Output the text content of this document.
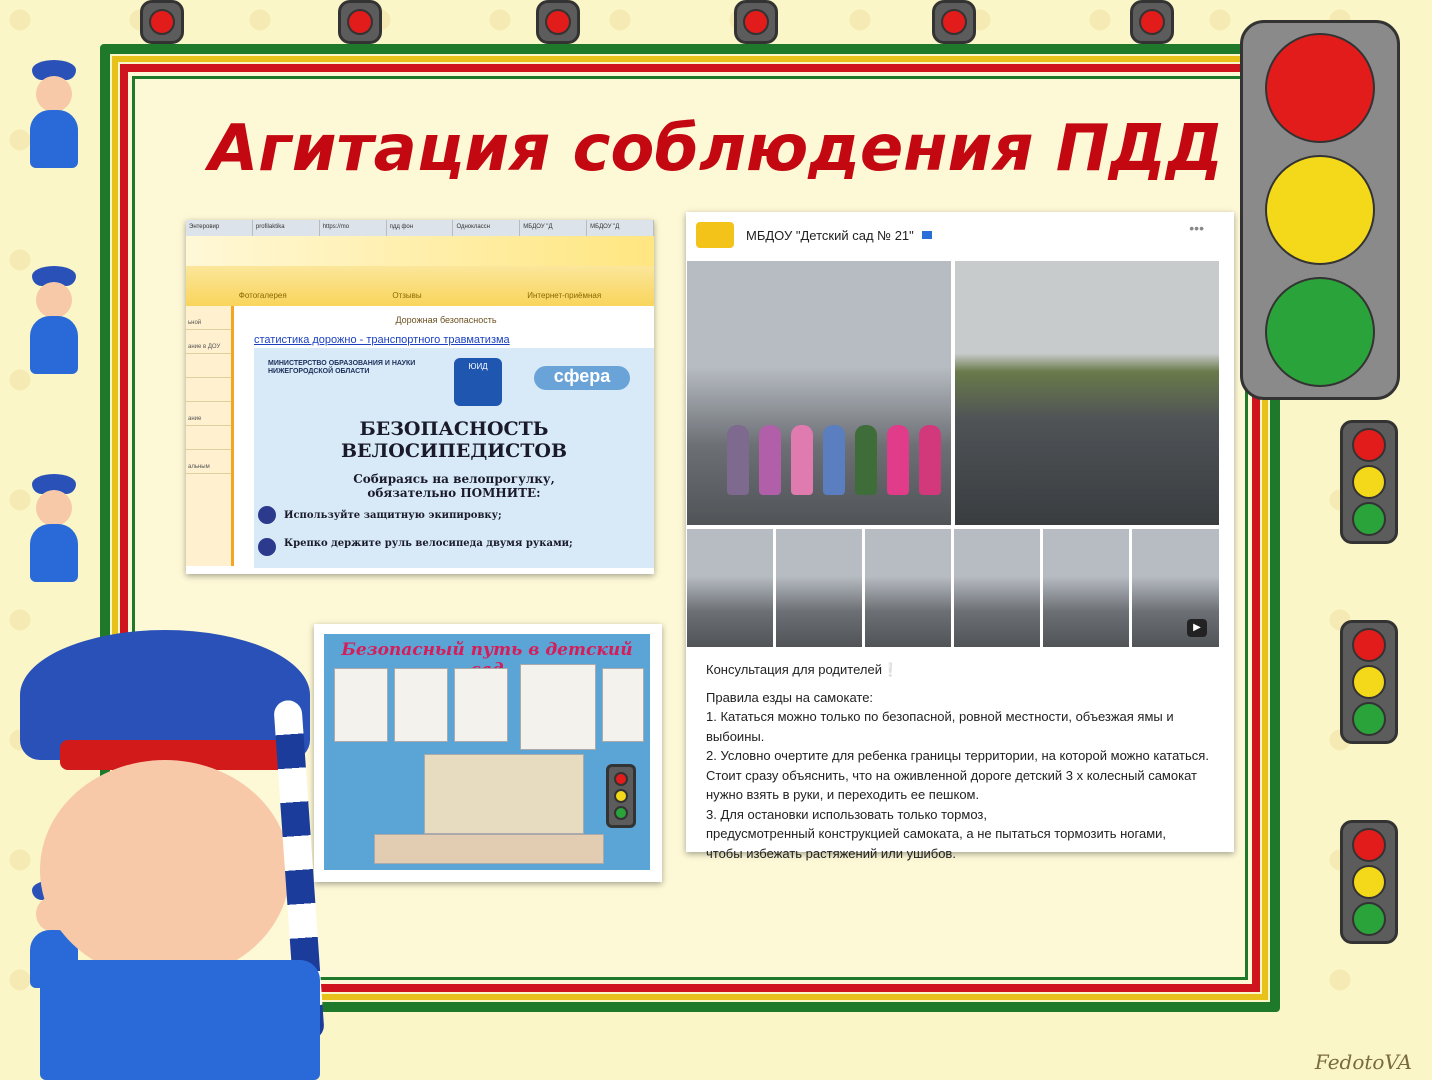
Агитация соблюдения ПДД
Энтеровир	profilaktika	https://mo	пдд фон	Одноклассн	МБДОУ "Д	МБДОУ "Д
Фотогалерея	Отзывы	Интернет-приёмная
ьной
ание в ДОУ
ание
альным
Дорожная безопасность
статистика дорожно - транспортного травматизма
МИНИСТЕРСТВО ОБРАЗОВАНИЯ И НАУКИ НИЖЕГОРОДСКОЙ ОБЛАСТИ
ЮИД	сфера
БЕЗОПАСНОСТЬ
ВЕЛОСИПЕДИСТОВ
Собираясь на велопрогулку,
обязательно ПОМНИТЕ:
Используйте защитную экипировку;
Крепко держите руль велосипеда двумя руками;
МБДОУ "Детский сад № 21"	•••
▶
Консультация для родителей❕
Правила езды на самокате:
1. Кататься можно только по безопасной, ровной местности, объезжая ямы и выбоины.
2. Условно очертите для ребенка границы территории, на которой можно кататься. Стоит сразу объяснить, что на оживленной дороге детский 3 х колесный самокат нужно взять в руки, и переходить ее пешком.
3. Для остановки использовать только тормоз,
предусмотренный конструкцией самоката, а не пытаться тормозить ногами,
чтобы избежать растяжений или ушибов.
Безопасный путь в детский
FedotoVA
